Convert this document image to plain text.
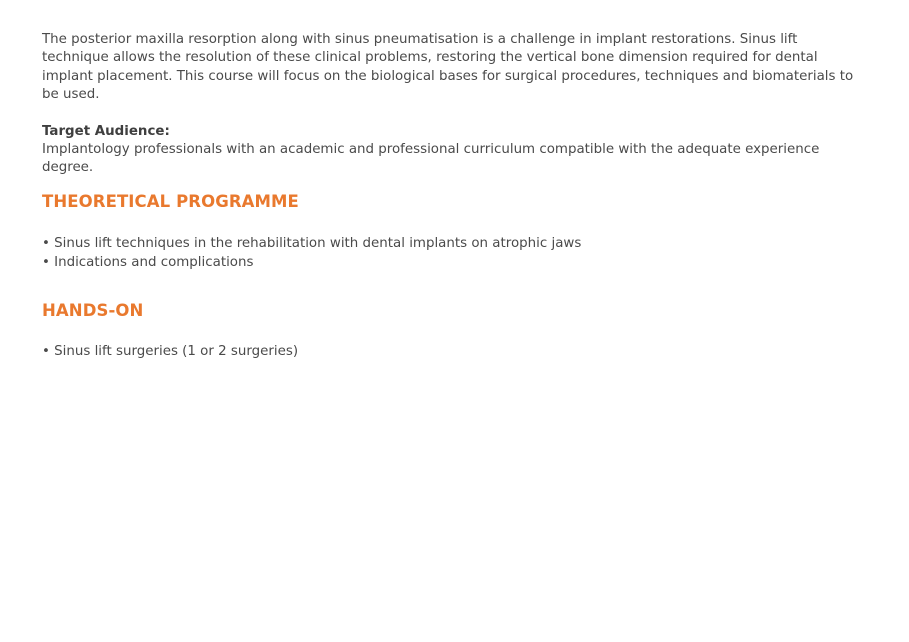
The posterior maxilla resorption along with sinus pneumatisation is a challenge in implant restorations. Sinus lift technique allows the resolution of these clinical problems, restoring the vertical bone dimension required for dental implant placement. This course will focus on the biological bases for surgical procedures, techniques and biomaterials to be used.

Target Audience:
Implantology professionals with an academic and professional curriculum compatible with the adequate experience degree.

THEORETICAL PROGRAMME
• Sinus lift techniques in the rehabilitation with dental implants on atrophic jaws
• Indications and complications
HANDS-ON
• Sinus lift surgeries (1 or 2 surgeries)
